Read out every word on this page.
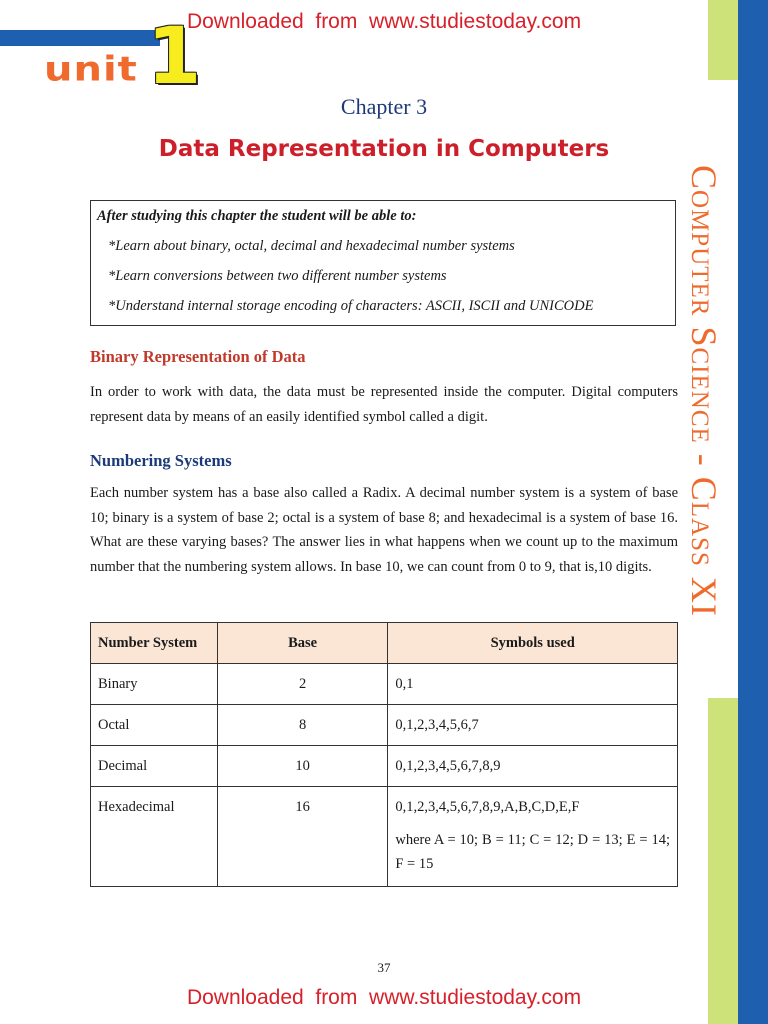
Computer Science - Class XI
unit 1
Downloaded  from  www.studiestoday.com
Chapter 3
Data Representation in Computers
After studying this chapter the student will be able to:
*Learn about binary, octal, decimal and hexadecimal number systems
*Learn conversions between two different number systems
*Understand internal storage encoding of characters: ASCII, ISCII and UNICODE
Binary Representation of Data
In order to work with data, the data must be represented inside the computer. Digital computers represent data by means of an easily identified symbol called a digit.
Numbering Systems
Each number system has a base also called a Radix. A decimal number system is a system of base 10; binary is a system of base 2; octal is a system of base 8; and hexadecimal is a system of base 16. What are these varying bases? The answer lies in what happens when we count up to the maximum number that the numbering system allows. In base 10, we can count from 0 to 9, that is,10 digits.
Number System	Base	Symbols used
Binary	2	0,1
Octal	8	0,1,2,3,4,5,6,7
Decimal	10	0,1,2,3,4,5,6,7,8,9
Hexadecimal	16	0,1,2,3,4,5,6,7,8,9,A,B,C,D,E,F
where A = 10; B = 11; C = 12; D = 13; E = 14; F = 15
37
Downloaded  from  www.studiestoday.com
